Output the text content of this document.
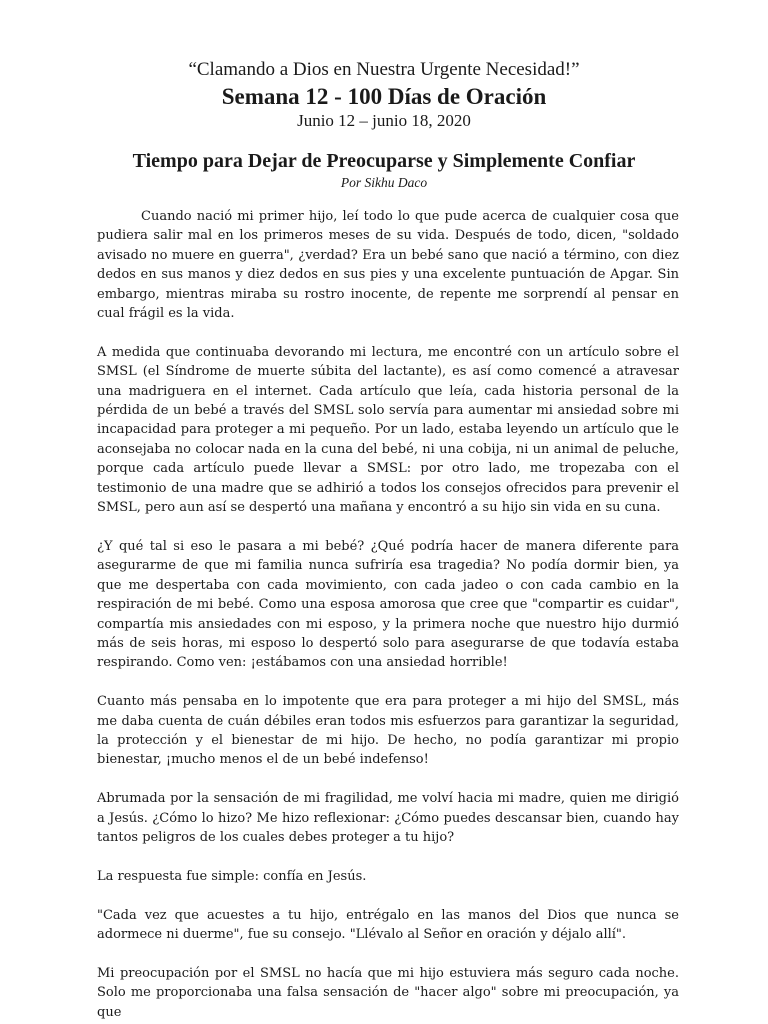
“Clamando a Dios en Nuestra Urgente Necesidad!”
Semana 12 - 100 Días de Oración
Junio 12 – junio 18, 2020
Tiempo para Dejar de Preocuparse y Simplemente Confiar
Por Sikhu Daco

Cuando nació mi primer hijo, leí todo lo que pude acerca de cualquier cosa que pudiera salir mal en los primeros meses de su vida. Después de todo, dicen, "soldado avisado no muere en guerra", ¿verdad? Era un bebé sano que nació a término, con diez dedos en sus manos y diez dedos en sus pies y una excelente puntuación de Apgar. Sin embargo, mientras miraba su rostro inocente, de repente me sorprendí al pensar en cual frágil es la vida.

A medida que continuaba devorando mi lectura, me encontré con un artículo sobre el SMSL (el Síndrome de muerte súbita del lactante), es así como comencé a atravesar una madriguera en el internet. Cada artículo que leía, cada historia personal de la pérdida de un bebé a través del SMSL solo servía para aumentar mi ansiedad sobre mi incapacidad para proteger a mi pequeño. Por un lado, estaba leyendo un artículo que le aconsejaba no colocar nada en la cuna del bebé, ni una cobija, ni un animal de peluche, porque cada artículo puede llevar a SMSL: por otro lado, me tropezaba con el testimonio de una madre que se adhirió a todos los consejos ofrecidos para prevenir el SMSL, pero aun así se despertó una mañana y encontró a su hijo sin vida en su cuna.

¿Y qué tal si eso le pasara a mi bebé? ¿Qué podría hacer de manera diferente para asegurarme de que mi familia nunca sufriría esa tragedia? No podía dormir bien, ya que me despertaba con cada movimiento, con cada jadeo o con cada cambio en la respiración de mi bebé. Como una esposa amorosa que cree que "compartir es cuidar", compartía mis ansiedades con mi esposo, y la primera noche que nuestro hijo durmió más de seis horas, mi esposo lo despertó solo para asegurarse de que todavía estaba respirando. Como ven: ¡estábamos con una ansiedad horrible!

Cuanto más pensaba en lo impotente que era para proteger a mi hijo del SMSL, más me daba cuenta de cuán débiles eran todos mis esfuerzos para garantizar la seguridad, la protección y el bienestar de mi hijo. De hecho, no podía garantizar mi propio bienestar, ¡mucho menos el de un bebé indefenso!

Abrumada por la sensación de mi fragilidad, me volví hacia mi madre, quien me dirigió a Jesús. ¿Cómo lo hizo? Me hizo reflexionar: ¿Cómo puedes descansar bien, cuando hay tantos peligros de los cuales debes proteger a tu hijo?

La respuesta fue simple: confía en Jesús.

"Cada vez que acuestes a tu hijo, entrégalo en las manos del Dios que nunca se adormece ni duerme", fue su consejo. "Llévalo al Señor en oración y déjalo allí".

Mi preocupación por el SMSL no hacía que mi hijo estuviera más seguro cada noche. Solo me proporcionaba una falsa sensación de "hacer algo" sobre mi preocupación, ya que
